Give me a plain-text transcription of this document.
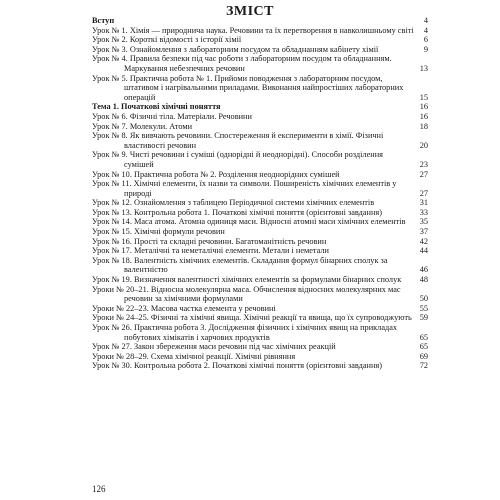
ЗМІСТ
Вступ	4
Урок № 1. Хімія — природнича наука. Речовини та їх перетворення в навколишньому світі	4
Урок № 2. Короткі відомості з історії хімії	6
Урок № 3. Ознайомлення з лабораторним посудом та обладнанням кабінету хімії	9
Урок № 4. Правила безпеки під час роботи з лабораторним посудом та обладнанням. Маркування небезпечних речовин	13
Урок № 5. Практична робота № 1. Прийоми поводження з лабораторним посудом, штативом і нагрівальними приладами. Виконання найпростіших лабораторних операцій	15
Тема 1. Початкові хімічні поняття	16
Урок № 6. Фізичні тіла. Матеріали. Речовини	16
Урок № 7. Молекули. Атоми	18
Урок № 8. Як вивчають речовини. Спостереження й експерименти в хімії. Фізичні властивості речовин	20
Урок № 9. Чисті речовини і суміші (однорідні й неоднорідні). Способи розділення сумішей	23
Урок № 10. Практична робота № 2. Розділення неоднорідних сумішей	27
Урок № 11. Хімічні елементи, їх назви та символи. Поширеність хімічних елементів у природі	27
Урок № 12. Ознайомлення з таблицею Періодичної системи хімічних елементів	31
Урок № 13. Контрольна робота 1. Початкові хімічні поняття (орієнтовні завдання)	33
Урок № 14. Маса атома. Атомна одиниця маси. Відносні атомні маси хімічних елементів	35
Урок № 15. Хімічні формули речовин	37
Урок № 16. Прості та складні речовини. Багатоманітність речовин	42
Урок № 17. Металічні та неметалічні елементи. Метали і неметали	44
Урок № 18. Валентність хімічних елементів. Складання формул бінарних сполук за валентністю	46
Урок № 19. Визначення валентності хімічних елементів за формулами бінарних сполук	48
Уроки № 20–21. Відносна молекулярна маса. Обчислення відносних молекулярних мас речовин за хімічними формулами	50
Уроки № 22–23. Масова частка елемента у речовині	55
Уроки № 24–25. Фізичні та хімічні явища. Хімічні реакції та явища, що їх супроводжують 59
Урок № 26. Практична робота 3. Дослідження фізичних і хімічних явищ на прикладах побутових хімікатів і харчових продуктів	65
Урок № 27. Закон збереження маси речовин під час хімічних реакцій	65
Уроки № 28–29. Схема хімічної реакції. Хімічні рівняння	69
Урок № 30. Контрольна робота 2. Початкові хімічні поняття (орієнтовні завдання)	72
126
